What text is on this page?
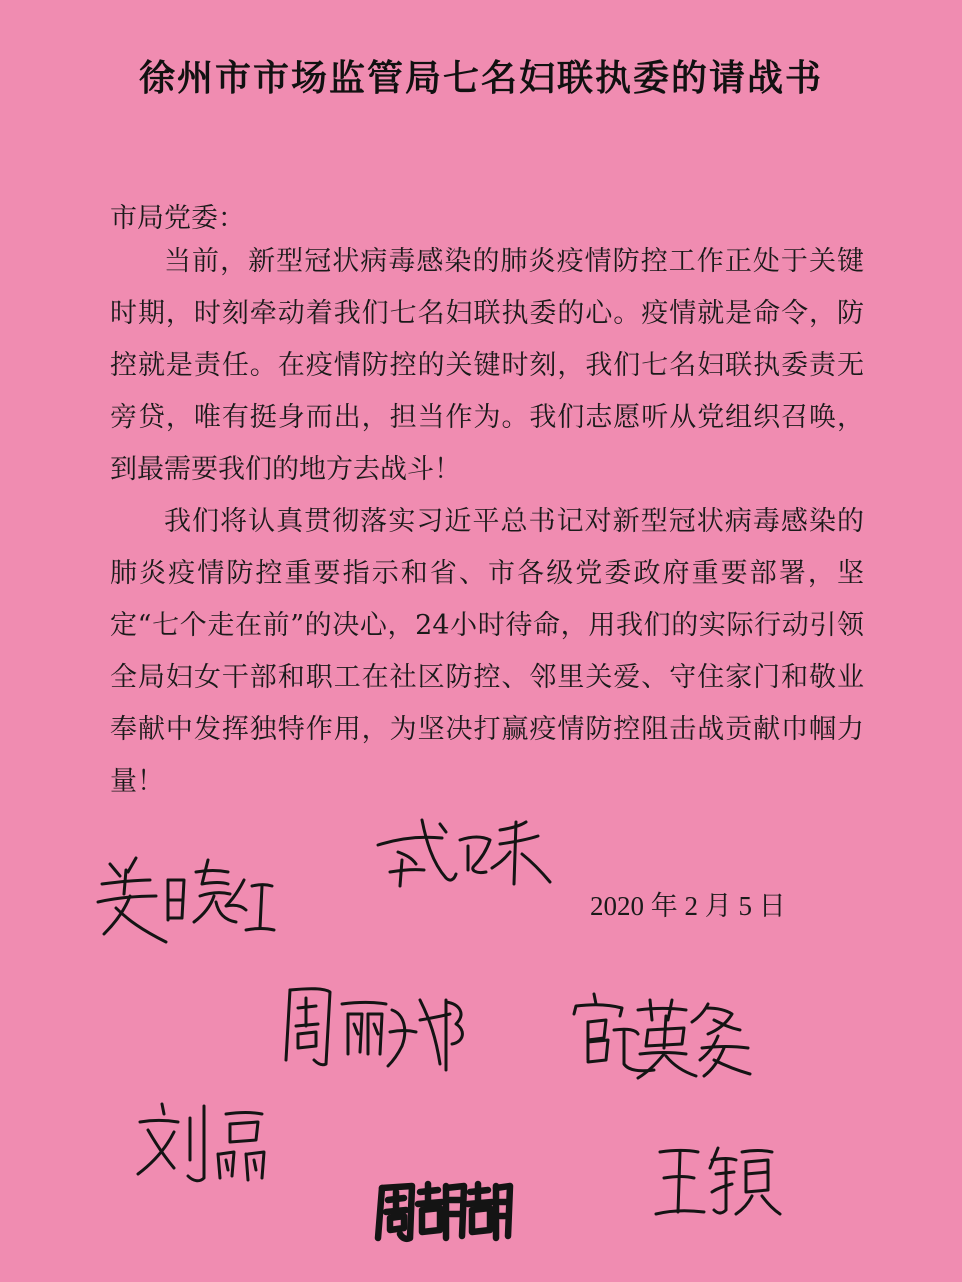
徐州市市场监管局七名妇联执委的请战书
市局党委：

当前，新型冠状病毒感染的肺炎疫情防控工作正处于关键时期，时刻牵动着我们七名妇联执委的心。疫情就是命令，防控就是责任。在疫情防控的关键时刻，我们七名妇联执委责无旁贷，唯有挺身而出，担当作为。我们志愿听从党组织召唤，到最需要我们的地方去战斗！

我们将认真贯彻落实习近平总书记对新型冠状病毒感染的肺炎疫情防控重要指示和省、市各级党委政府重要部署，坚定“七个走在前”的决心，24小时待命，用我们的实际行动引领全局妇女干部和职工在社区防控、邻里关爱、守住家门和敬业奉献中发挥独特作用，为坚决打赢疫情防控阻击战贡献巾帼力量！

2020 年 2 月 5 日
